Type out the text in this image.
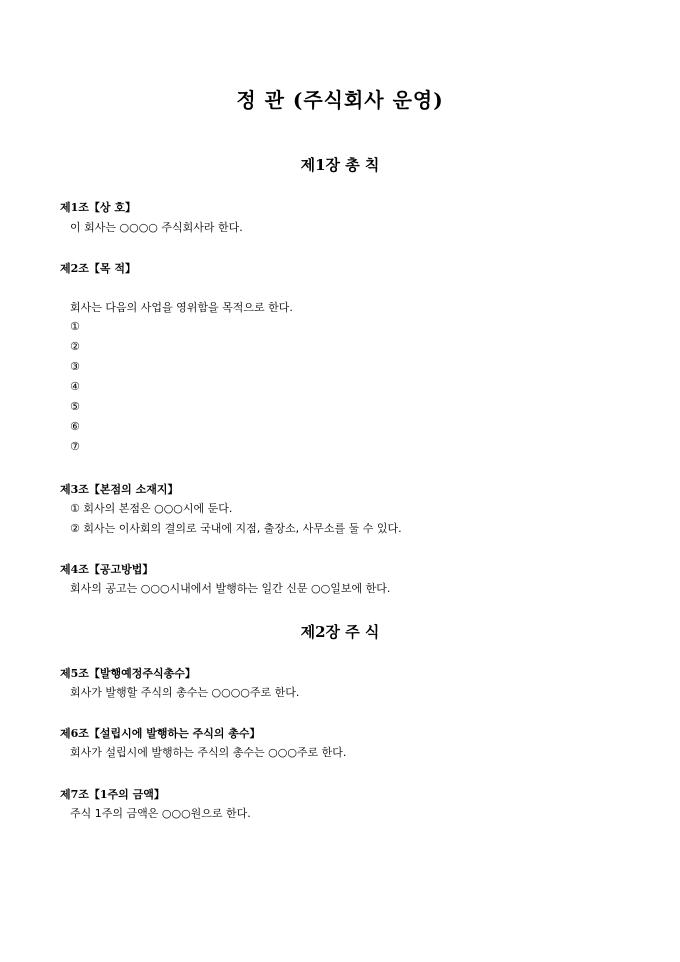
정 관 (주식회사 운영)
제1장 총 칙
제1조【상 호】
이 회사는 ○○○○ 주식회사라 한다.
제2조【목 적】
회사는 다음의 사업을 영위함을 목적으로 한다.
①
②
③
④
⑤
⑥
⑦
제3조【본점의 소재지】
① 회사의 본점은 ○○○시에 둔다.
② 회사는 이사회의 결의로 국내에 지점, 출장소, 사무소를 둘 수 있다.
제4조【공고방법】
회사의 공고는 ○○○시내에서 발행하는 일간 신문 ○○일보에 한다.
제2장 주 식
제5조【발행예정주식총수】
회사가 발행할 주식의 총수는 ○○○○주로 한다.
제6조【설립시에 발행하는 주식의 총수】
회사가 설립시에 발행하는 주식의 총수는 ○○○주로 한다.
제7조【1주의 금액】
주식 1주의 금액은 ○○○원으로 한다.
